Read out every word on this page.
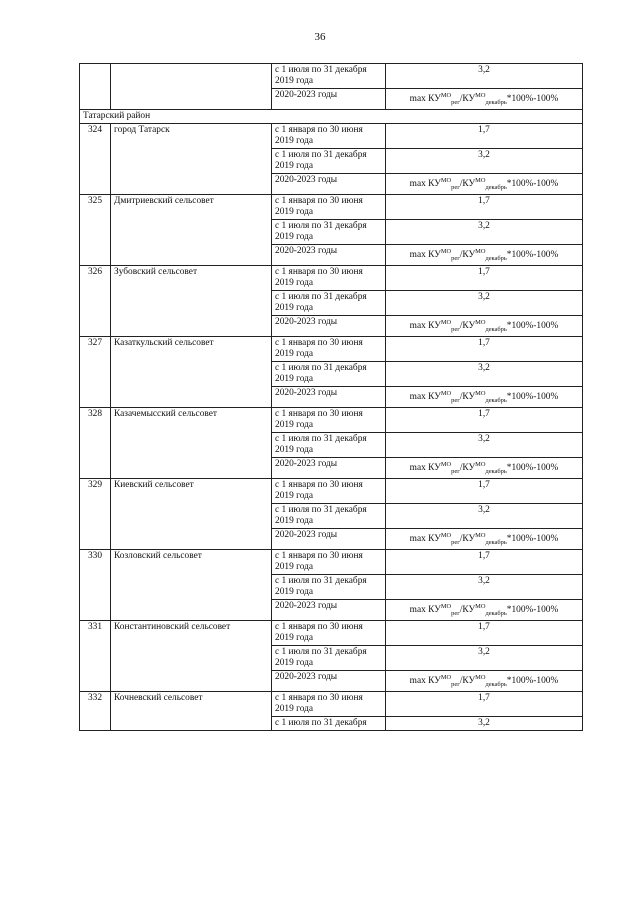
36
		с 1 июля по 31 декабря 2019 года	3,2
		2020-2023 годы	$\max КУ^{МО}_{рег}/КУ^{МО}_{декабрь}*100\%-100\%$
Татарский район			
324	город Татарск	с 1 января по 30 июня 2019 года	1,7
		с 1 июля по 31 декабря 2019 года	3,2
		2020-2023 годы	$\max КУ^{МО}_{рег}/КУ^{МО}_{декабрь}*100\%-100\%$
325	Дмитриевский сельсовет	с 1 января по 30 июня 2019 года	1,7
		с 1 июля по 31 декабря 2019 года	3,2
		2020-2023 годы	$\max КУ^{МО}_{рег}/КУ^{МО}_{декабрь}*100\%-100\%$
326	Зубовский сельсовет	с 1 января по 30 июня 2019 года	1,7
		с 1 июля по 31 декабря 2019 года	3,2
		2020-2023 годы	$\max КУ^{МО}_{рег}/КУ^{МО}_{декабрь}*100\%-100\%$
327	Казаткульский сельсовет	с 1 января по 30 июня 2019 года	1,7
		с 1 июля по 31 декабря 2019 года	3,2
		2020-2023 годы	$\max КУ^{МО}_{рег}/КУ^{МО}_{декабрь}*100\%-100\%$
328	Казачемысский сельсовет	с 1 января по 30 июня 2019 года	1,7
		с 1 июля по 31 декабря 2019 года	3,2
		2020-2023 годы	$\max КУ^{МО}_{рег}/КУ^{МО}_{декабрь}*100\%-100\%$
329	Киевский сельсовет	с 1 января по 30 июня 2019 года	1,7
		с 1 июля по 31 декабря 2019 года	3,2
		2020-2023 годы	$\max КУ^{МО}_{рег}/КУ^{МО}_{декабрь}*100\%-100\%$
330	Козловский сельсовет	с 1 января по 30 июня 2019 года	1,7
		с 1 июля по 31 декабря 2019 года	3,2
		2020-2023 годы	$\max КУ^{МО}_{рег}/КУ^{МО}_{декабрь}*100\%-100\%$
331	Константиновский сельсовет	с 1 января по 30 июня 2019 года	1,7
		с 1 июля по 31 декабря 2019 года	3,2
		2020-2023 годы	$\max КУ^{МО}_{рег}/КУ^{МО}_{декабрь}*100\%-100\%$
332	Кочневский сельсовет	с 1 января по 30 июня 2019 года	1,7
		с 1 июля по 31 декабря	3,2
